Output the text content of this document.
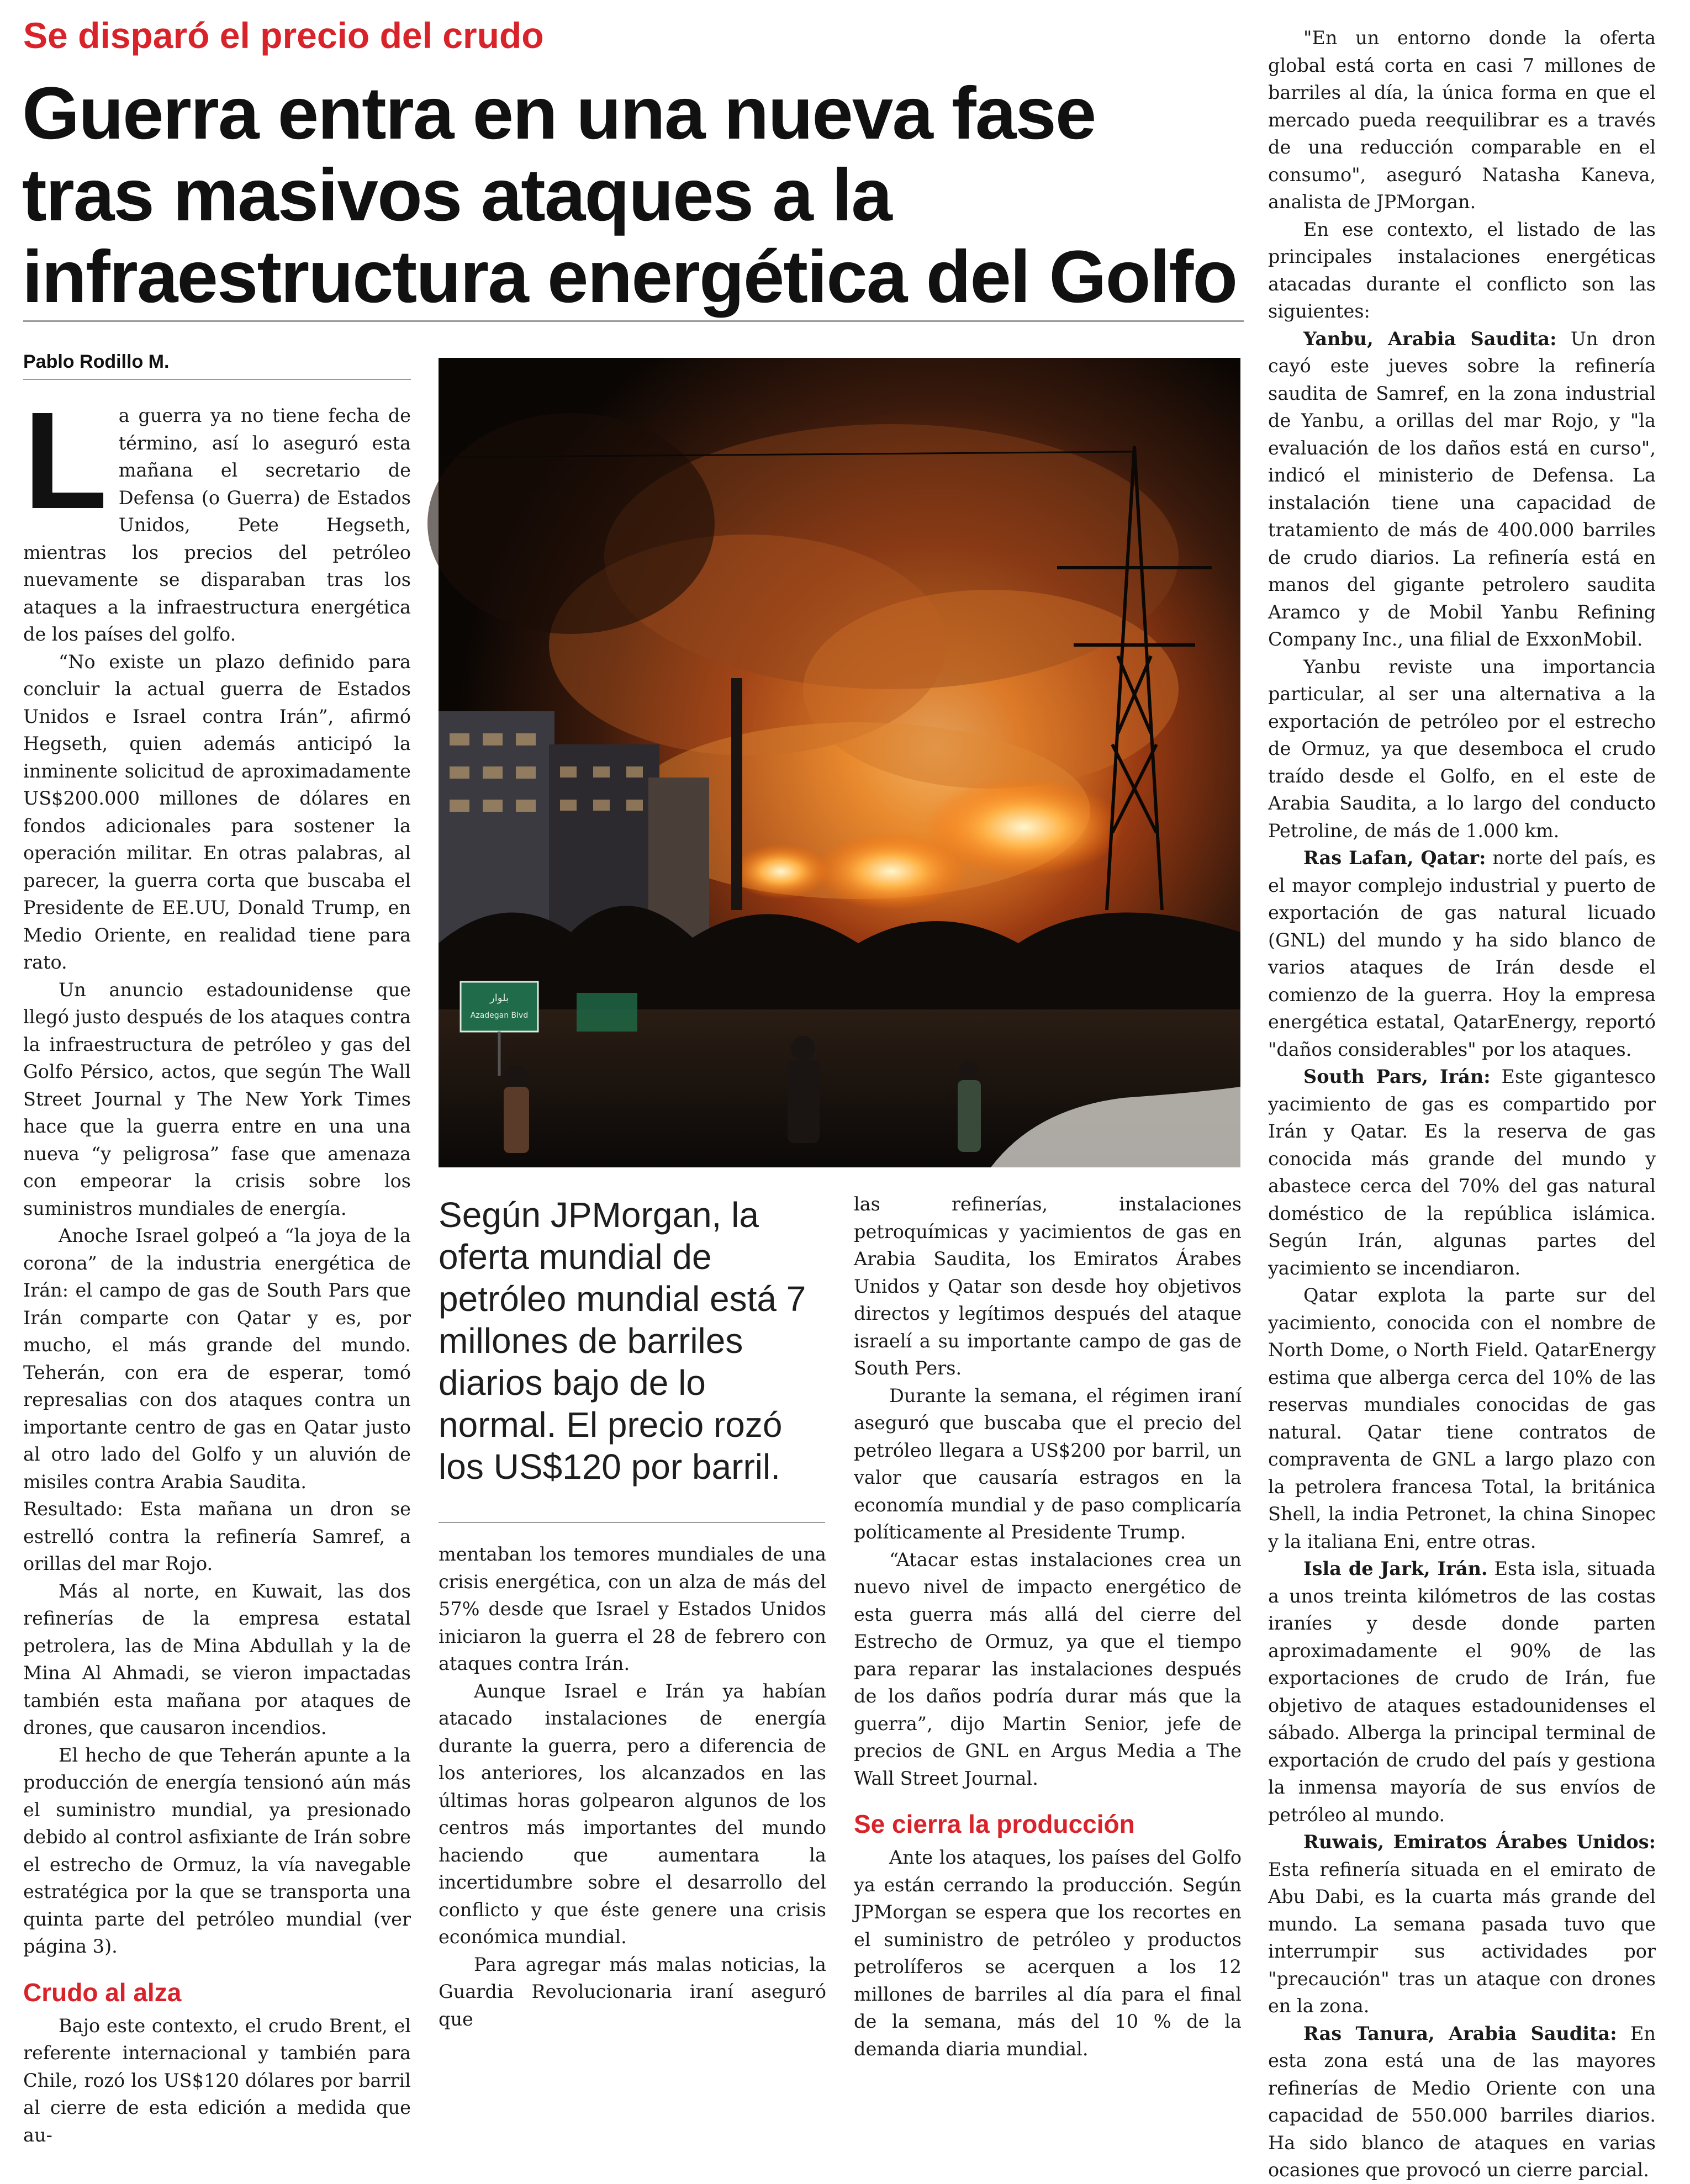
Se disparó el precio del crudo
Guerra entra en una nueva fase tras masivos ataques a la infraestructura energética del Golfo
Pablo Rodillo M.

La guerra ya no tiene fecha de término, así lo aseguró esta mañana el secretario de Defensa (o Guerra) de Estados Unidos, Pete Hegseth, mientras los precios del petróleo nuevamente se disparaban tras los ataques a la infraestructura energética de los países del golfo.

“No existe un plazo definido para concluir la actual guerra de Estados Unidos e Israel contra Irán”, afirmó Hegseth, quien además anticipó la inminente solicitud de aproximadamente US$200.000 millones de dólares en fondos adicionales para sostener la operación militar. En otras palabras, al parecer, la guerra corta que buscaba el Presidente de EE.UU, Donald Trump, en Medio Oriente, en realidad tiene para rato.

Un anuncio estadounidense que llegó justo después de los ataques contra la infraestructura de petróleo y gas del Golfo Pérsico, actos, que según The Wall Street Journal y The New York Times hace que la guerra entre en una una nueva “y peligrosa” fase que amenaza con empeorar la crisis sobre los suministros mundiales de energía.

Anoche Israel golpeó a “la joya de la corona” de la industria energética de Irán: el campo de gas de South Pars que Irán comparte con Qatar y es, por mucho, el más grande del mundo. Teherán, con era de esperar, tomó represalias con dos ataques contra un importante centro de gas en Qatar justo al otro lado del Golfo y un aluvión de misiles contra Arabia Saudita.

Resultado: Esta mañana un dron se estrelló contra la refinería Samref, a orillas del mar Rojo.

Más al norte, en Kuwait, las dos refinerías de la empresa estatal petrolera, las de Mina Abdullah y la de Mina Al Ahmadi, se vieron impactadas también esta mañana por ataques de drones, que causaron incendios.

El hecho de que Teherán apunte a la producción de energía tensionó aún más el suministro mundial, ya presionado debido al control asfixiante de Irán sobre el estrecho de Ormuz, la vía navegable estratégica por la que se transporta una quinta parte del petróleo mundial (ver página 3).

Crudo al alza

Bajo este contexto, el crudo Brent, el referente internacional y también para Chile, rozó los US$120 dólares por barril al cierre de esta edición a medida que au-

بلوار
Azadegan Blvd

Según JPMorgan, la oferta mundial de petróleo mundial está 7 millones de barriles diarios bajo de lo normal. El precio rozó los US$120 por barril.

mentaban los temores mundiales de una crisis energética, con un alza de más del 57% desde que Israel y Estados Unidos iniciaron la guerra el 28 de febrero con ataques contra Irán.

Aunque Israel e Irán ya habían atacado instalaciones de energía durante la guerra, pero a diferencia de los anteriores, los alcanzados en las últimas horas golpearon algunos de los centros más importantes del mundo haciendo que aumentara la incertidumbre sobre el desarrollo del conflicto y que éste genere una crisis económica mundial.

Para agregar más malas noticias, la Guardia Revolucionaria iraní aseguró que

las refinerías, instalaciones petroquímicas y yacimientos de gas en Arabia Saudita, los Emiratos Árabes Unidos y Qatar son desde hoy objetivos directos y legítimos después del ataque israelí a su importante campo de gas de South Pers.

Durante la semana, el régimen iraní aseguró que buscaba que el precio del petróleo llegara a US$200 por barril, un valor que causaría estragos en la economía mundial y de paso complicaría políticamente al Presidente Trump.

“Atacar estas instalaciones crea un nuevo nivel de impacto energético de esta guerra más allá del cierre del Estrecho de Ormuz, ya que el tiempo para reparar las instalaciones después de los daños podría durar más que la guerra”, dijo Martin Senior, jefe de precios de GNL en Argus Media a The Wall Street Journal.

Se cierra la producción

Ante los ataques, los países del Golfo ya están cerrando la producción. Según JPMorgan se espera que los recortes en el suministro de petróleo y productos petrolíferos se acerquen a los 12 millones de barriles al día para el final de la semana, más del 10 % de la demanda diaria mundial.

"En un entorno donde la oferta global está corta en casi 7 millones de barriles al día, la única forma en que el mercado pueda reequilibrar es a través de una reducción comparable en el consumo", aseguró Natasha Kaneva, analista de JPMorgan.

En ese contexto, el listado de las principales instalaciones energéticas atacadas durante el conflicto son las siguientes:

Yanbu, Arabia Saudita: Un dron cayó este jueves sobre la refinería saudita de Samref, en la zona industrial de Yanbu, a orillas del mar Rojo, y "la evaluación de los daños está en curso", indicó el ministerio de Defensa. La instalación tiene una capacidad de tratamiento de más de 400.000 barriles de crudo diarios. La refinería está en manos del gigante petrolero saudita Aramco y de Mobil Yanbu Refining Company Inc., una filial de ExxonMobil.

Yanbu reviste una importancia particular, al ser una alternativa a la exportación de petróleo por el estrecho de Ormuz, ya que desemboca el crudo traído desde el Golfo, en el este de Arabia Saudita, a lo largo del conducto Petroline, de más de 1.000 km.

Ras Lafan, Qatar: norte del país, es el mayor complejo industrial y puerto de exportación de gas natural licuado (GNL) del mundo y ha sido blanco de varios ataques de Irán desde el comienzo de la guerra. Hoy la empresa energética estatal, QatarEnergy, reportó "daños considerables" por los ataques.

South Pars, Irán: Este gigantesco yacimiento de gas es compartido por Irán y Qatar. Es la reserva de gas conocida más grande del mundo y abastece cerca del 70% del gas natural doméstico de la república islámica. Según Irán, algunas partes del yacimiento se incendiaron.

Qatar explota la parte sur del yacimiento, conocida con el nombre de North Dome, o North Field. QatarEnergy estima que alberga cerca del 10% de las reservas mundiales conocidas de gas natural. Qatar tiene contratos de compraventa de GNL a largo plazo con la petrolera francesa Total, la británica Shell, la india Petronet, la china Sinopec y la italiana Eni, entre otras.

Isla de Jark, Irán. Esta isla, situada a unos treinta kilómetros de las costas iraníes y desde donde parten aproximadamente el 90% de las exportaciones de crudo de Irán, fue objetivo de ataques estadounidenses el sábado. Alberga la principal terminal de exportación de crudo del país y gestiona la inmensa mayoría de sus envíos de petróleo al mundo.

Ruwais, Emiratos Árabes Unidos: Esta refinería situada en el emirato de Abu Dabi, es la cuarta más grande del mundo. La semana pasada tuvo que interrumpir sus actividades por "precaución" tras un ataque con drones en la zona.

Ras Tanura, Arabia Saudita: En esta zona está una de las mayores refinerías de Medio Oriente con una capacidad de 550.000 barriles diarios. Ha sido blanco de ataques en varias ocasiones que provocó un cierre parcial.
